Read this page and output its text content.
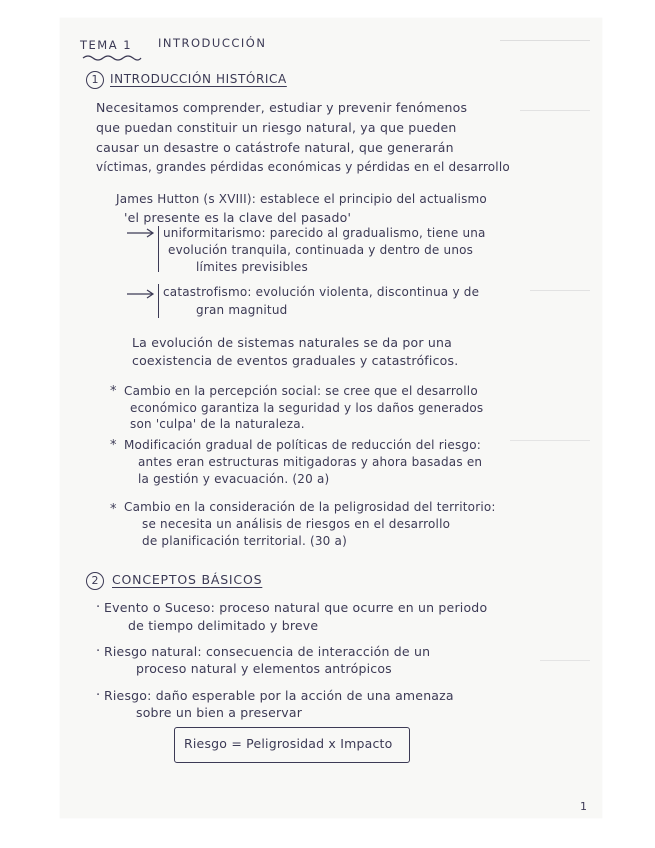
TEMA 1 INTRODUCCIÓN
1 INTRODUCCIÓN HISTÓRICA
Necesitamos comprender, estudiar y prevenir fenómenos
que puedan constituir un riesgo natural, ya que pueden
causar un desastre o catástrofe natural, que generarán
víctimas, grandes pérdidas económicas y pérdidas en el desarrollo
James Hutton (s XVIII): establece el principio del actualismo
'el presente es la clave del pasado'
uniformitarismo: parecido al gradualismo, tiene una
evolución tranquila, continuada y dentro de unos
límites previsibles
catastrofismo: evolución violenta, discontinua y de
gran magnitud
La evolución de sistemas naturales se da por una
coexistencia de eventos graduales y catastróficos.
* Cambio en la percepción social: se cree que el desarrollo
económico garantiza la seguridad y los daños generados
son 'culpa' de la naturaleza.
* Modificación gradual de políticas de reducción del riesgo:
antes eran estructuras mitigadoras y ahora basadas en
la gestión y evacuación. (20 a)
* Cambio en la consideración de la peligrosidad del territorio:
se necesita un análisis de riesgos en el desarrollo
de planificación territorial. (30 a)
2	CONCEPTOS BÁSICOS
· Evento o Suceso: proceso natural que ocurre en un periodo
de tiempo delimitado y breve
· Riesgo natural: consecuencia de interacción de un
proceso natural y elementos antrópicos
· Riesgo: daño esperable por la acción de una amenaza
sobre un bien a preservar
Riesgo = Peligrosidad x Impacto
1
